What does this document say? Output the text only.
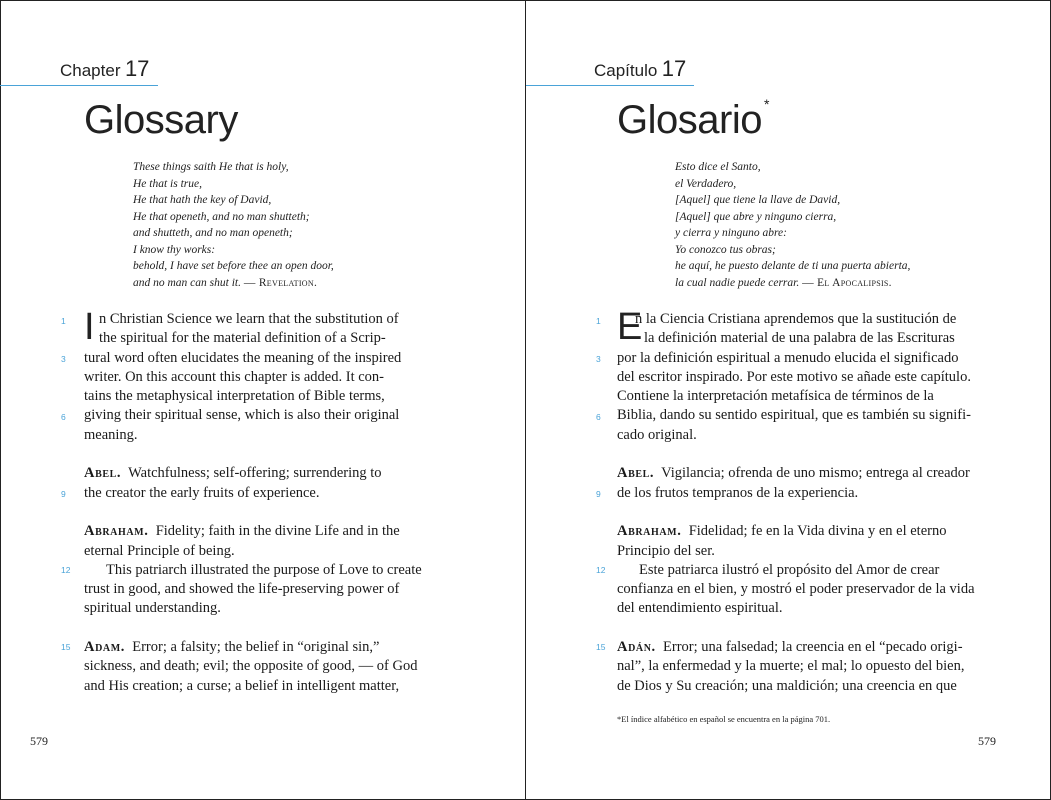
Chapter 17
Glossary
These things saith He that is holy,
He that is true,
He that hath the key of David,
He that openeth, and no man shutteth;
and shutteth, and no man openeth;
I know thy works:
behold, I have set before thee an open door,
and no man can shut it. — Revelation.
1
3
6
9
12
15

I n Christian Science we learn that the substitution of

the spiritual for the material definition of a Scrip-

tural word often elucidates the meaning of the inspired

writer. On this account this chapter is added. It con-

tains the metaphysical interpretation of Bible terms,

giving their spiritual sense, which is also their original

meaning.

Abel. Watchfulness; self-offering; surrendering to

the creator the early fruits of experience.

Abraham. Fidelity; faith in the divine Life and in the

eternal Principle of being.

This patriarch illustrated the purpose of Love to create

trust in good, and showed the life-preserving power of

spiritual understanding.

Adam. Error; a falsity; the belief in “original sin,”

sickness, and death; evil; the opposite of good, — of God

and His creation; a curse; a belief in intelligent matter,

579
Capítulo 17
Glosario *
Esto dice el Santo,
el Verdadero,
[Aquel] que tiene la llave de David,
[Aquel] que abre y ninguno cierra,
y cierra y ninguno abre:
Yo conozco tus obras;
he aquí, he puesto delante de ti una puerta abierta,
la cual nadie puede cerrar. — El Apocalipsis.
1
3
6
9
12
15

E
n la Ciencia Cristiana aprendemos que la sustitución de

la definición material de una palabra de las Escrituras

por la definición espiritual a menudo elucida el significado

del escritor inspirado. Por este motivo se añade este capítulo.

Contiene la interpretación metafísica de términos de la

Biblia, dando su sentido espiritual, que es también su signifi-

cado original.

Abel. Vigilancia; ofrenda de uno mismo; entrega al creador

de los frutos tempranos de la experiencia.

Abraham. Fidelidad; fe en la Vida divina y en el eterno

Principio del ser.

Este patriarca ilustró el propósito del Amor de crear

confianza en el bien, y mostró el poder preservador de la vida

del entendimiento espiritual.

Adán. Error; una falsedad; la creencia en el “pecado origi-

nal”, la enfermedad y la muerte; el mal; lo opuesto del bien,

de Dios y Su creación; una maldición; una creencia en que

*El índice alfabético en español se encuentra en la página 701.
579
